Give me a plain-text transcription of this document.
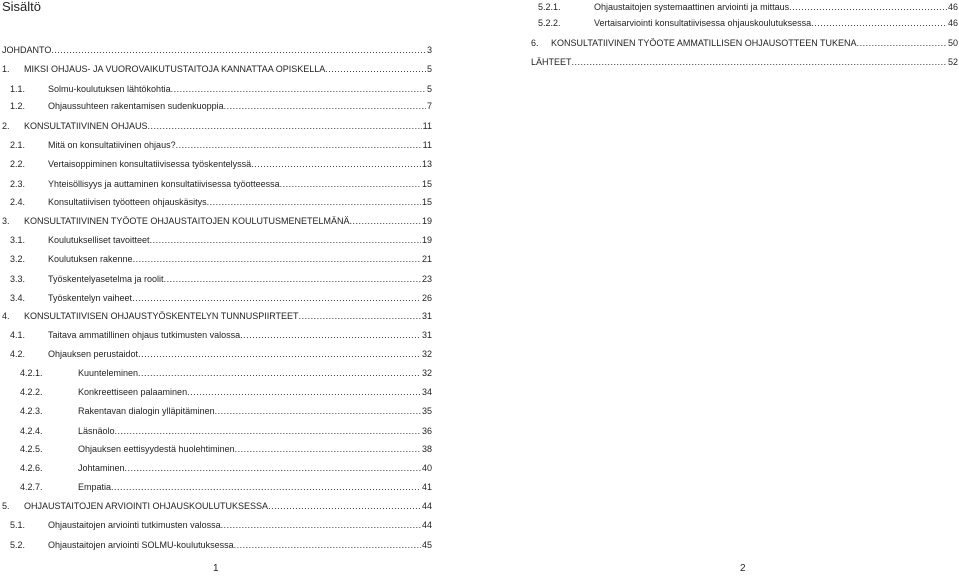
Sisältö
JOHDANTO .....	3
1.	MIKSI OHJAUS- JA VUOROVAIKUTUSTAITOJA KANNATTAA OPISKELLA .....	5
1.1.	Solmu-koulutuksen lähtökohtia .....	5
1.2.	Ohjaussuhteen rakentamisen sudenkuoppia .....	7
2.	KONSULTATIIVINEN OHJAUS .....	11
2.1.	Mitä on konsultatiivinen ohjaus? .....	11
2.2.	Vertaisoppiminen konsultatiivisessa työskentelyssä .....	13
2.3.	Yhteisöllisyys ja auttaminen konsultatiivisessa työotteessa .....	15
2.4.	Konsultatiivisen työotteen ohjauskäsitys .....	15
3.	KONSULTATIIVINEN TYÖOTE OHJAUSTAITOJEN KOULUTUSMENETELMÄNÄ .....	19
3.1.	Koulutukselliset tavoitteet .....	19
3.2.	Koulutuksen rakenne .....	21
3.3.	Työskentelyasetelma ja roolit .....	23
3.4.	Työskentelyn vaiheet .....	26
4.	KONSULTATIIVISEN OHJAUSTYÖSKENTELYN TUNNUSPIIRTEET .....	31
4.1.	Taitava ammatillinen ohjaus tutkimusten valossa .....	31
4.2.	Ohjauksen perustaidot .....	32
4.2.1.	Kuunteleminen .....	32
4.2.2.	Konkreettiseen palaaminen .....	34
4.2.3.	Rakentavan dialogin ylläpitäminen .....	35
4.2.4.	Läsnäolo .....	36
4.2.5.	Ohjauksen eettisyydestä huolehtiminen .....	38
4.2.6.	Johtaminen .....	40
4.2.7.	Empatia .....	41
5.	OHJAUSTAITOJEN ARVIOINTI OHJAUSKOULUTUKSESSA .....	44
5.1.	Ohjaustaitojen arviointi tutkimusten valossa .....	44
5.2.	Ohjaustaitojen arviointi SOLMU-koulutuksessa .....	45
5.2.1.	Ohjaustaitojen systemaattinen arviointi ja mittaus .....	46
5.2.2.	Vertaisarviointi konsultatiivisessa ohjauskoulutuksessa .....	46
6.	KONSULTATIIVINEN TYÖOTE AMMATILLISEN OHJAUSOTTEEN TUKENA .....	50
LÄHTEET .....	52
1	2
